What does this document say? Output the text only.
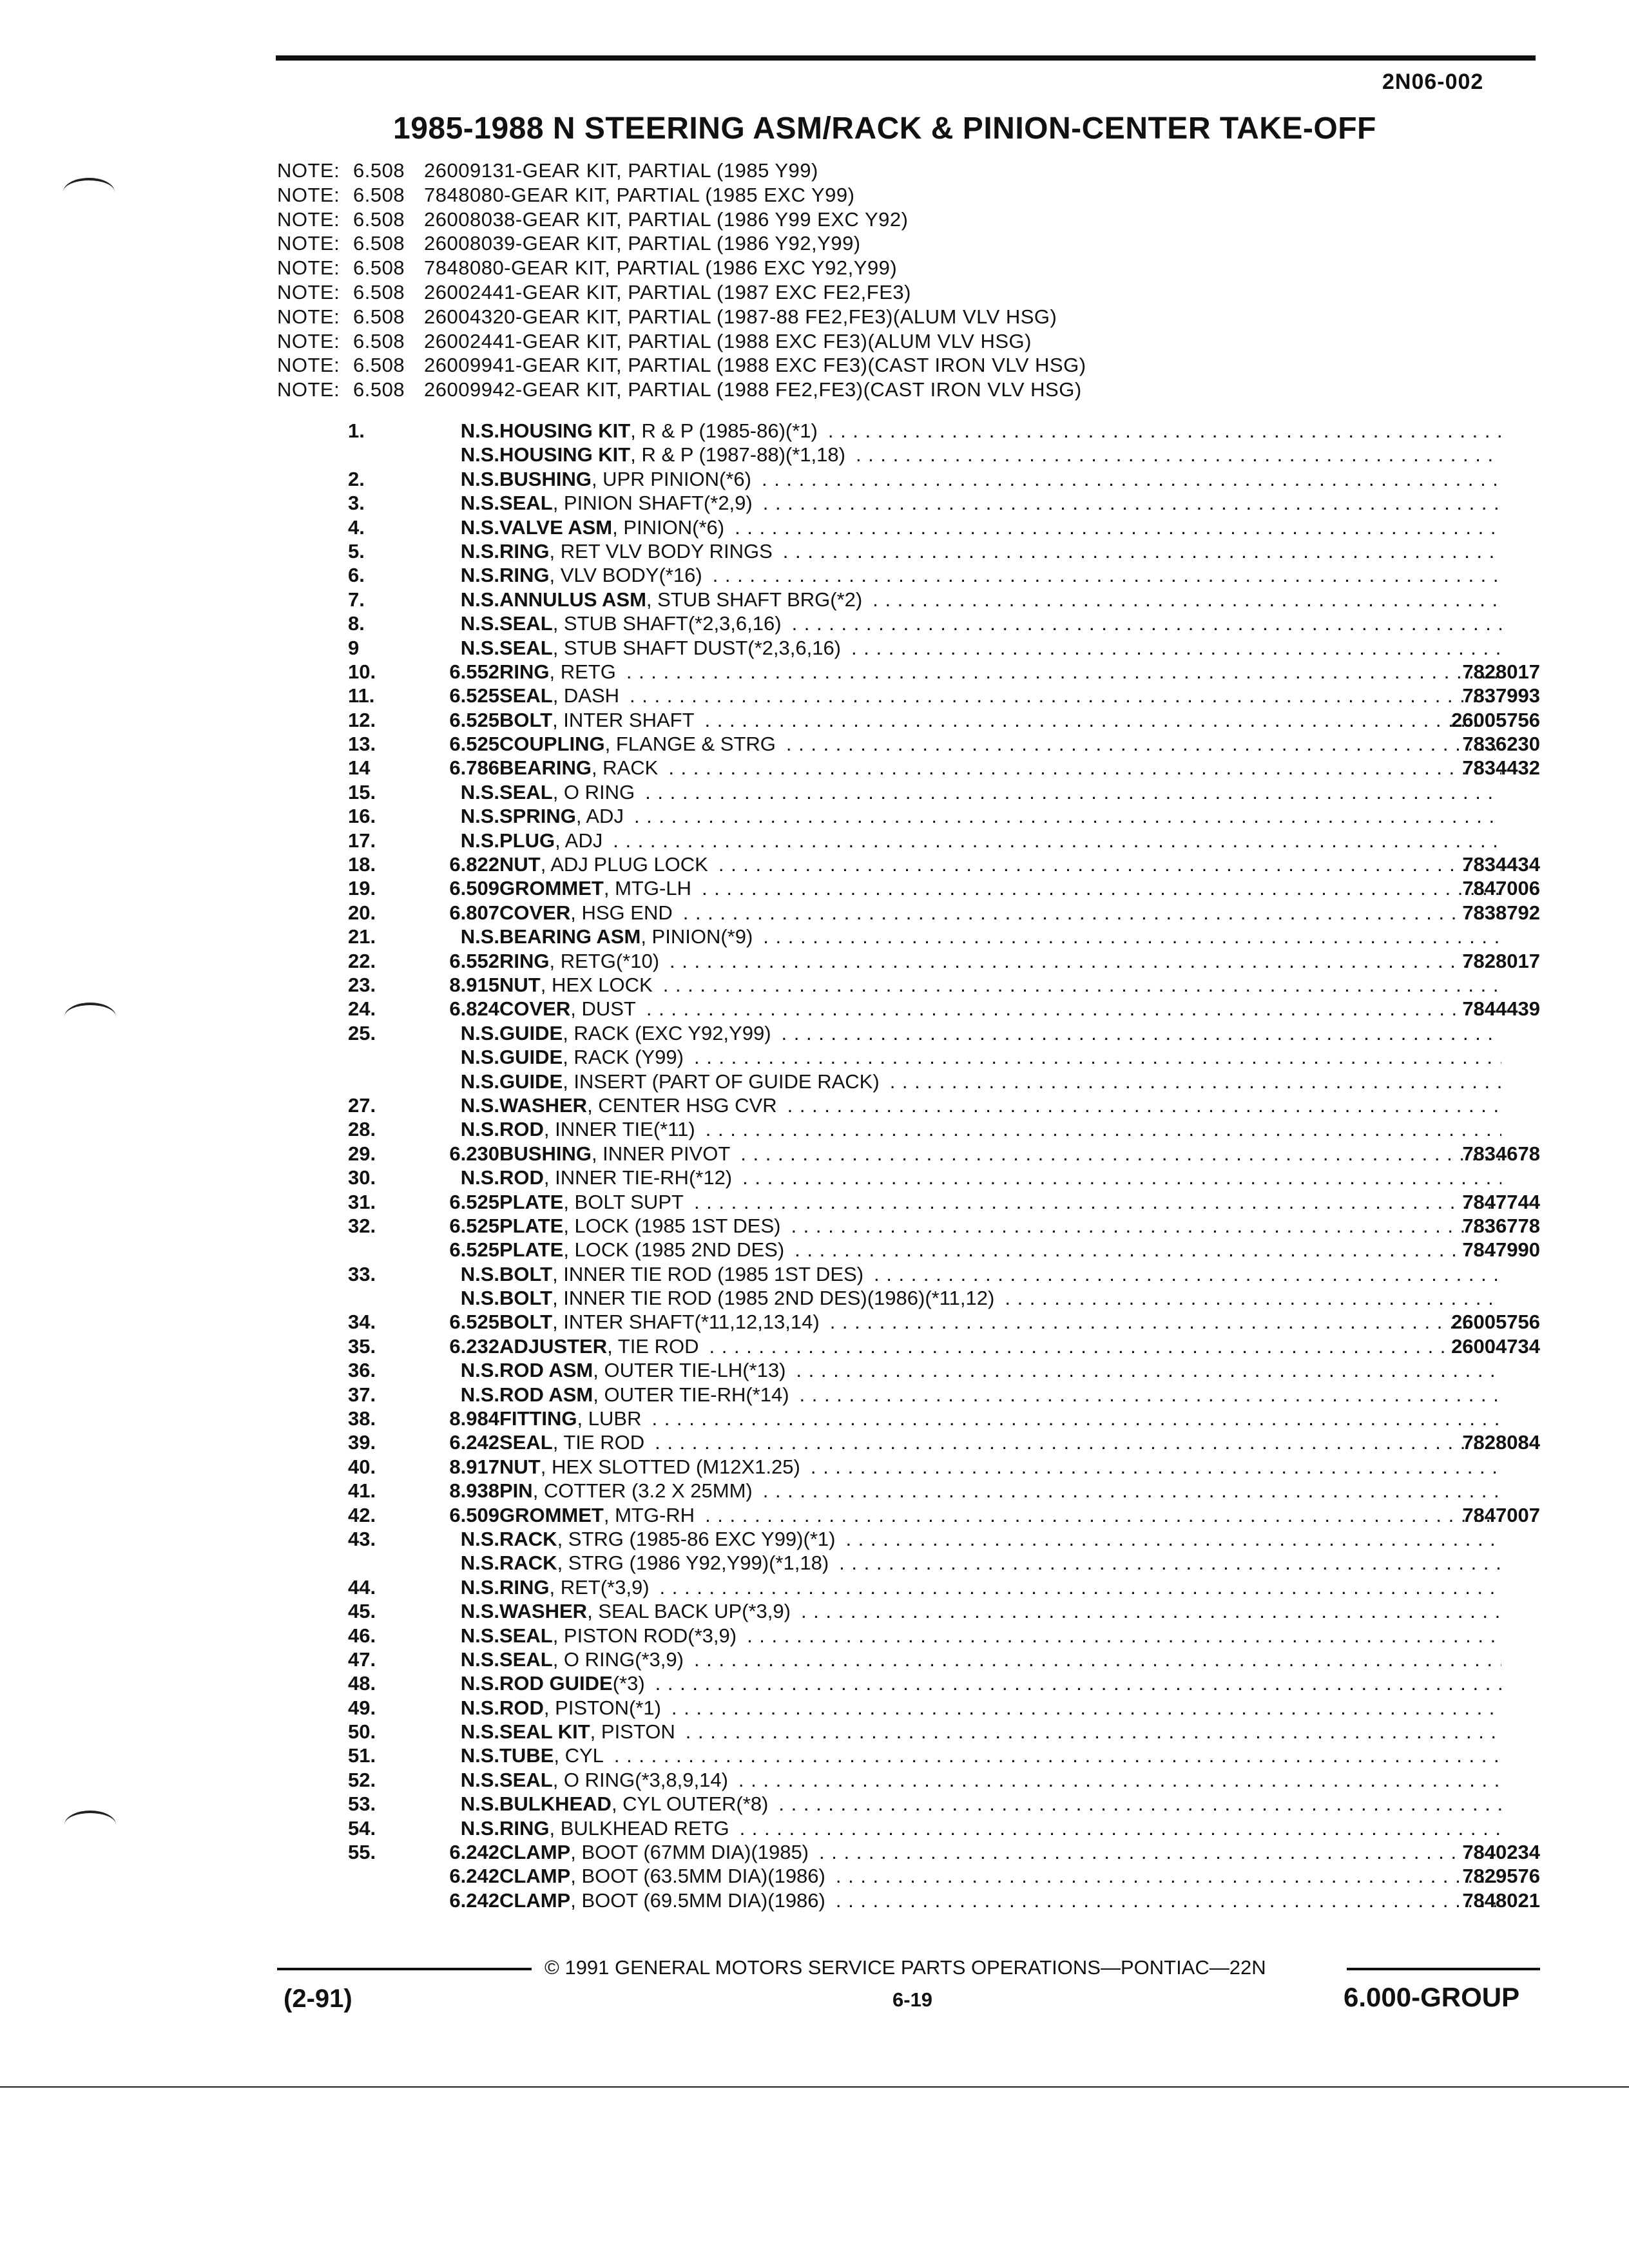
2N06-002
1985-1988 N STEERING ASM/RACK & PINION-CENTER TAKE-OFF
NOTE: 6.508 26009131-GEAR KIT, PARTIAL (1985 Y99)
NOTE: 6.508 7848080-GEAR KIT, PARTIAL (1985 EXC Y99)
NOTE: 6.508 26008038-GEAR KIT, PARTIAL (1986 Y99 EXC Y92)
NOTE: 6.508 26008039-GEAR KIT, PARTIAL (1986 Y92,Y99)
NOTE: 6.508 7848080-GEAR KIT, PARTIAL (1986 EXC Y92,Y99)
NOTE: 6.508 26002441-GEAR KIT, PARTIAL (1987 EXC FE2,FE3)
NOTE: 6.508 26004320-GEAR KIT, PARTIAL (1987-88 FE2,FE3)(ALUM VLV HSG)
NOTE: 6.508 26002441-GEAR KIT, PARTIAL (1988 EXC FE3)(ALUM VLV HSG)
NOTE: 6.508 26009941-GEAR KIT, PARTIAL (1988 EXC FE3)(CAST IRON VLV HSG)
NOTE: 6.508 26009942-GEAR KIT, PARTIAL (1988 FE2,FE3)(CAST IRON VLV HSG)
1.	N.S. HOUSING KIT , R & P (1985-86)(*1)
. . .
N.S. HOUSING KIT , R & P (1987-88)(*1,18)
. . .
2.	N.S. BUSHING , UPR PINION(*6)
. . .
3.	N.S. SEAL , PINION SHAFT(*2,9)
. . .
4.	N.S. VALVE ASM , PINION(*6)
. . .
5.	N.S. RING , RET VLV BODY RINGS
. . .
6.	N.S. RING , VLV BODY(*16)
. . .
7.	N.S. ANNULUS ASM , STUB SHAFT BRG(*2)
. . .
8.	N.S. SEAL , STUB SHAFT(*2,3,6,16)
. . .
9	N.S. SEAL , STUB SHAFT DUST(*2,3,6,16)
. . .
10.	6.552 RING , RETG . . .	7828017
11.	6.525 SEAL , DASH . . .	7837993
12.	6.525 BOLT , INTER SHAFT . . .	26005756
13.	6.525 COUPLING , FLANGE & STRG . . .	7836230
14	6.786 BEARING , RACK . . .	7834432
15.	N.S. SEAL , O RING
. . .
16.	N.S. SPRING , ADJ
. . .
17.	N.S. PLUG , ADJ
. . .
18.	6.822 NUT , ADJ PLUG LOCK . . .	7834434
19.	6.509 GROMMET , MTG-LH . . .	7847006
20.	6.807 COVER , HSG END . . .	7838792
21.	N.S. BEARING ASM , PINION(*9)
. . .
22.	6.552 RING , RETG(*10) . . .	7828017
23.	8.915 NUT , HEX LOCK
. . .
24.	6.824 COVER , DUST . . .	7844439
25.	N.S. GUIDE , RACK (EXC Y92,Y99)
. . .
N.S. GUIDE , RACK (Y99)
. . .
N.S. GUIDE , INSERT (PART OF GUIDE RACK)
. . .
27.	N.S. WASHER , CENTER HSG CVR
. . .
28.	N.S. ROD , INNER TIE(*11)
. . .
29.	6.230 BUSHING , INNER PIVOT . . .	7834678
30.	N.S. ROD , INNER TIE-RH(*12)
. . .
31.	6.525 PLATE , BOLT SUPT . . .	7847744
32.	6.525 PLATE , LOCK (1985 1ST DES) . . .	7836778
6.525 PLATE , LOCK (1985 2ND DES) . . .	7847990
33.	N.S. BOLT , INNER TIE ROD (1985 1ST DES)
. . .
N.S. BOLT , INNER TIE ROD (1985 2ND DES)(1986)(*11,12)
. . .
34.	6.525 BOLT , INTER SHAFT(*11,12,13,14) . . .	26005756
35.	6.232 ADJUSTER , TIE ROD . . .	26004734
36.	N.S. ROD ASM , OUTER TIE-LH(*13)
. . .
37.	N.S. ROD ASM , OUTER TIE-RH(*14)
. . .
38.	8.984 FITTING , LUBR
. . .
39.	6.242 SEAL , TIE ROD . . .	7828084
40.	8.917 NUT , HEX SLOTTED (M12X1.25)
. . .
41.	8.938 PIN , COTTER (3.2 X 25MM)
. . .
42.	6.509 GROMMET , MTG-RH . . .	7847007
43.	N.S. RACK , STRG (1985-86 EXC Y99)(*1)
. . .
N.S. RACK , STRG (1986 Y92,Y99)(*1,18)
. . .
44.	N.S. RING , RET(*3,9)
. . .
45.	N.S. WASHER , SEAL BACK UP(*3,9)
. . .
46.	N.S. SEAL , PISTON ROD(*3,9)
. . .
47.	N.S. SEAL , O RING(*3,9)
. . .
48.	N.S. ROD GUIDE (*3)
. . .
49.	N.S. ROD , PISTON(*1)
. . .
50.	N.S. SEAL KIT , PISTON
. . .
51.	N.S. TUBE , CYL
. . .
52.	N.S. SEAL , O RING(*3,8,9,14)
. . .
53.	N.S. BULKHEAD , CYL OUTER(*8)
. . .
54.	N.S. RING , BULKHEAD RETG
. . .
55.	6.242 CLAMP , BOOT (67MM DIA)(1985) . . .	7840234
6.242 CLAMP , BOOT (63.5MM DIA)(1986) . . .	7829576
6.242 CLAMP , BOOT (69.5MM DIA)(1986) . . .	7848021
© 1991 GENERAL MOTORS SERVICE PARTS OPERATIONS—PONTIAC—22N
(2-91)	6-19	6.000-GROUP
